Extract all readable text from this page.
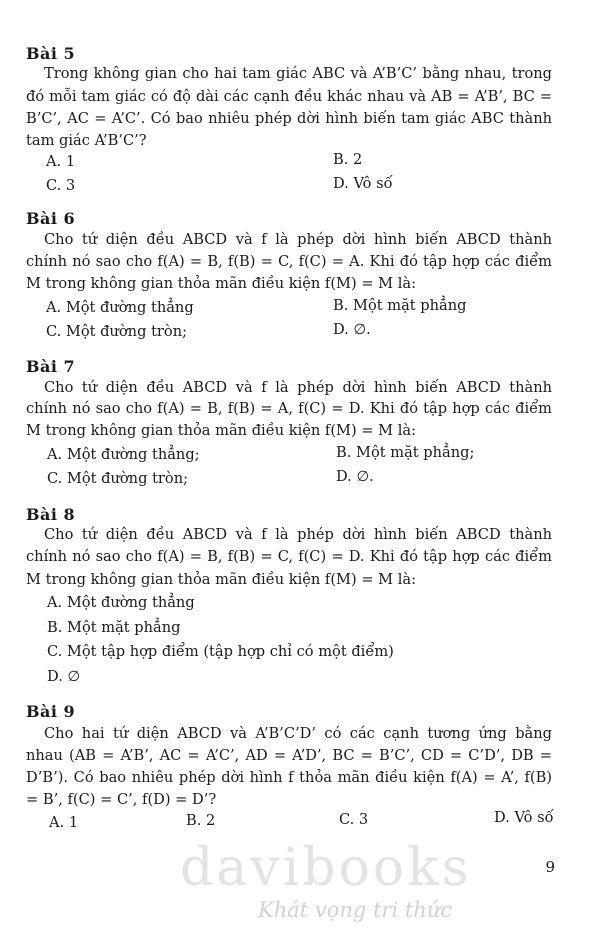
Bài 5
Trong không gian cho hai tam giác ABC và A’B’C’ bằng nhau, trong
đó mỗi tam giác có độ dài các cạnh đều khác nhau và AB = A’B’, BC =
B’C’, AC = A’C’. Có bao nhiêu phép dời hình biến tam giác ABC thành
tam giác A’B’C’?
A. 1	B. 2
C. 3	D. Vô số
Bài 6
Cho tứ diện đều ABCD và f là phép dời hình biến ABCD thành
chính nó sao cho f(A) = B, f(B) = C, f(C) = A. Khi đó tập hợp các điểm
M trong không gian thỏa mãn điều kiện f(M) = M là:
A. Một đường thẳng	B. Một mặt phẳng
C. Một đường tròn;	D. ∅.
Bài 7
Cho tứ diện đều ABCD và f là phép dời hình biến ABCD thành
chính nó sao cho f(A) = B, f(B) = A, f(C) = D. Khi đó tập hợp các điểm
M trong không gian thỏa mãn điều kiện f(M) = M là:
A. Một đường thẳng;	B. Một mặt phẳng;
C. Một đường tròn;	D. ∅.
Bài 8
Cho tứ diện đều ABCD và f là phép dời hình biến ABCD thành
chính nó sao cho f(A) = B, f(B) = C, f(C) = D. Khi đó tập hợp các điểm
M trong không gian thỏa mãn điều kiện f(M) = M là:
A. Một đường thẳng
B. Một mặt phẳng
C. Một tập hợp điểm (tập hợp chỉ có một điểm)
D. ∅
Bài 9
Cho hai tứ diện ABCD và A’B’C’D’ có các cạnh tương ứng bằng
nhau (AB = A’B’, AC = A’C’, AD = A’D’, BC = B’C’, CD = C’D’, DB =
D’B’). Có bao nhiêu phép dời hình f thỏa mãn điều kiện f(A) = A’, f(B)
= B’, f(C) = C’, f(D) = D’?
A. 1	B. 2	C. 3	D. Vô số
davibooks
Khát vọng tri thức
9
